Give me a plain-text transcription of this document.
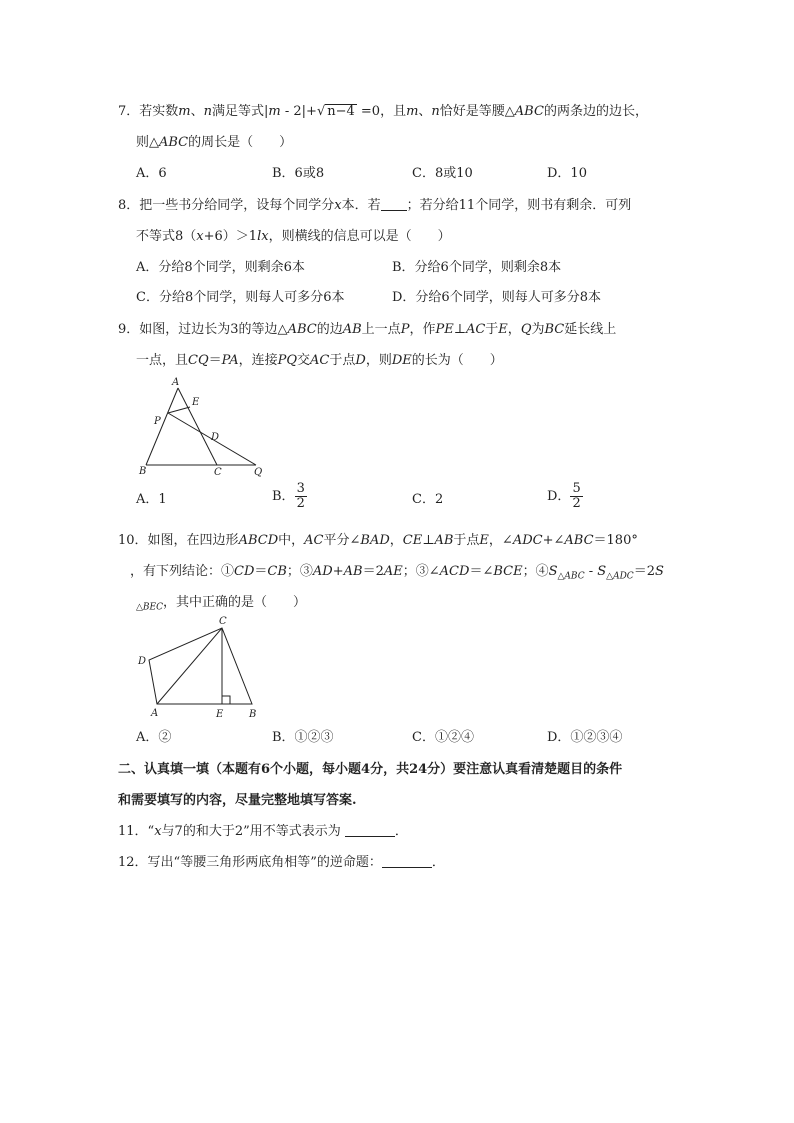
7．若实数m、n满足等式|m - 2|+√ n−4 =0，且m、n恰好是等腰△ABC的两条边的边长，
则△ABC的周长是（　　）
A．6	B．6或8	C．8或10	D．10
8．把一些书分给同学，设每个同学分x本．若 ；若分给11个同学，则书有剩余．可列
不等式8（x+6）＞1lx，则横线的信息可以是（　　）
A．分给8个同学，则剩余6本	B．分给6个同学，则剩余8本
C．分给8个同学，则每人可多分6本	D．分给6个同学，则每人可多分8本
9．如图，过边长为3的等边△ABC的边AB上一点P，作PE⊥AC于E，Q为BC延长线上
一点，且CQ＝PA，连接PQ交AC于点D，则DE的长为（　　）
A
E
P
D
B	C	Q
A．1	B． $\frac{3}{2}$	C．2	D． $\frac{5}{2}$
10．如图，在四边形ABCD中，AC平分∠BAD，CE⊥AB于点E，∠ADC+∠ABC＝180°
，有下列结论：①CD＝CB；③AD+AB＝2AE；③∠ACD＝∠BCE；$④S_{\triangle ABC} - S_{\triangle ADC}=2S$
$_{\triangle BEC}$，其中正确的是（　　）
C
D
A	E	B
A．②	B．①②③	C．①②④	D．①②③④
二、认真填一填（本题有6个小题，每小题4分，共24分）要注意认真看清楚题目的条件
和需要填写的内容，尽量完整地填写答案.
11．“x与7的和大于2”用不等式表示为	．
12．写出“等腰三角形两底角相等”的逆命题：	．
